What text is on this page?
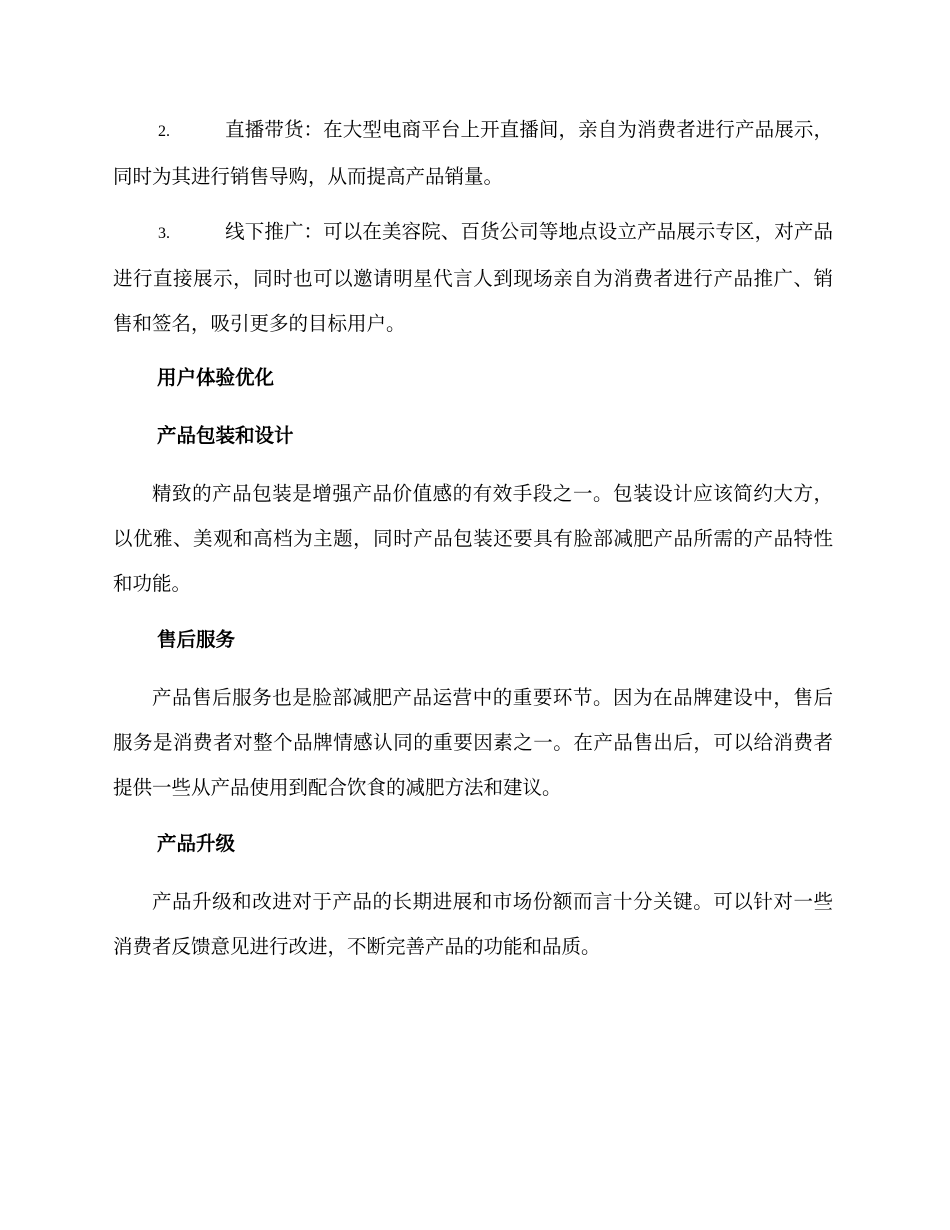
2.	直播带货：在大型电商平台上开直播间，亲自为消费者进行产品展示，同时为其进行销售导购，从而提高产品销量。

3.	线下推广：可以在美容院、百货公司等地点设立产品展示专区，对产品进行直接展示，同时也可以邀请明星代言人到现场亲自为消费者进行产品推广、销售和签名，吸引更多的目标用户。

用户体验优化
产品包装和设计

精致的产品包装是增强产品价值感的有效手段之一。包装设计应该简约大方，以优雅、美观和高档为主题，同时产品包装还要具有脸部减肥产品所需的产品特性和功能。

售后服务

产品售后服务也是脸部减肥产品运营中的重要环节。因为在品牌建设中，售后服务是消费者对整个品牌情感认同的重要因素之一。在产品售出后，可以给消费者提供一些从产品使用到配合饮食的减肥方法和建议。

产品升级

产品升级和改进对于产品的长期进展和市场份额而言十分关键。可以针对一些消费者反馈意见进行改进，不断完善产品的功能和品质。
